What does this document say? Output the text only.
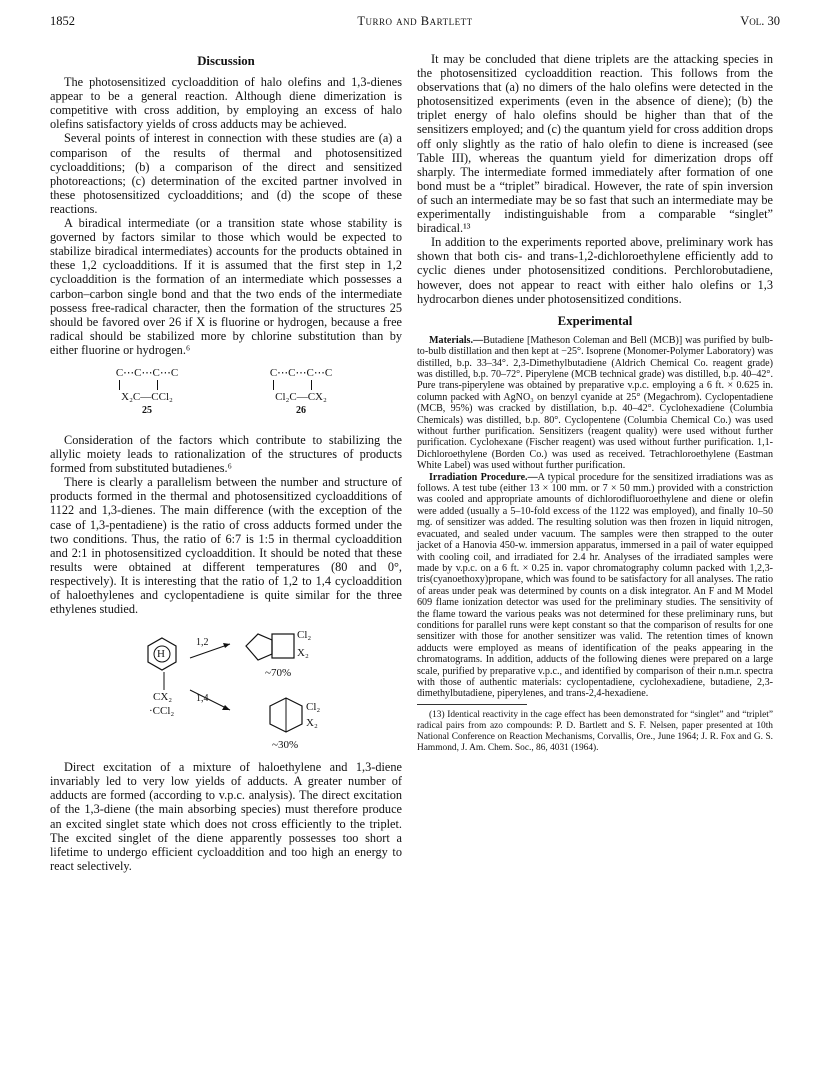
1852	Turro and Bartlett	Vol. 30
Discussion

The photosensitized cycloaddition of halo olefins and 1,3-dienes appear to be a general reaction. Although diene dimerization is competitive with cross addition, by employing an excess of halo olefins satisfactory yields of cross adducts may be achieved.

Several points of interest in connection with these studies are (a) a comparison of the results of thermal and photosensitized cycloadditions; (b) a comparison of the direct and sensitized photoreactions; (c) determination of the excited partner involved in these photosensitized cycloadditions; and (d) the scope of these reactions.

A biradical intermediate (or a transition state whose stability is governed by factors similar to those which would be expected to stabilize biradical intermediates) accounts for the products obtained in these 1,2 cycloadditions. If it is assumed that the first step in 1,2 cycloaddition is the formation of an intermediate which possesses a carbon–carbon single bond and that the two ends of the intermediate possess free-radical character, then the formation of the structures 25 should be favored over 26 if X is fluorine or hydrogen, because a free radical should be stabilized more by chlorine substitution than by either fluorine or hydrogen.⁶

C⋯C⋯C⋯C
X₂C—CCl₂
25
C⋯C⋯C⋯C
Cl₂C—CX₂
26

Consideration of the factors which contribute to stabilizing the allylic moiety leads to rationalization of the structures of products formed from substituted butadienes.⁶

There is clearly a parallelism between the number and structure of products formed in the thermal and photosensitized cycloadditions of 1122 and 1,3-dienes. The main difference (with the exception of the case of 1,3-pentadiene) is the ratio of cross adducts formed under the two conditions. Thus, the ratio of 6:7 is 1:5 in thermal cycloaddition and 2:1 in photosensitized cycloaddition. It should be noted that these results were obtained at different temperatures (80 and 0°, respectively). It is interesting that the ratio of 1,2 to 1,4 cycloaddition of haloethylenes and cyclopentadiene is quite similar for the three ethylenes studied.

H
1,2
1,4
CX₂
·CCl₂
Cl₂
X₂
~70%
Cl₂
X₂
~30%

Direct excitation of a mixture of haloethylene and 1,3-diene invariably led to very low yields of adducts. A greater number of adducts are formed (according to v.p.c. analysis). The direct excitation of the 1,3-diene (the main absorbing species) must therefore produce an excited singlet state which does not cross efficiently to the triplet. The excited singlet of the diene apparently possesses too short a lifetime to undergo efficient cycloaddition and too high an energy to react selectively.

It may be concluded that diene triplets are the attacking species in the photosensitized cycloaddition reaction. This follows from the observations that (a) no dimers of the halo olefins were detected in the photosensitized experiments (even in the absence of diene); (b) the triplet energy of halo olefins should be higher than that of the sensitizers employed; and (c) the quantum yield for cross addition drops off only slightly as the ratio of halo olefin to diene is increased (see Table III), whereas the quantum yield for dimerization drops off sharply. The intermediate formed immediately after formation of one bond must be a “triplet” biradical. However, the rate of spin inversion of such an intermediate may be so fast that such an intermediate may be experimentally indistinguishable from a comparable “singlet” biradical.¹³

In addition to the experiments reported above, preliminary work has shown that both cis- and trans-1,2-dichloroethylene efficiently add to cyclic dienes under photosensitized conditions. Perchlorobutadiene, however, does not appear to react with either halo olefins or 1,3 hydrocarbon dienes under photosensitized conditions.

Experimental

Materials.—Butadiene [Matheson Coleman and Bell (MCB)] was purified by bulb-to-bulb distillation and then kept at −25°. Isoprene (Monomer-Polymer Laboratory) was distilled, b.p. 33–34°. 2,3-Dimethylbutadiene (Aldrich Chemical Co. reagent grade) was distilled, b.p. 70–72°. Piperylene (MCB technical grade) was distilled, b.p. 40–42°. Pure trans-piperylene was obtained by preparative v.p.c. employing a 6 ft. × 0.625 in. column packed with AgNO₃ on benzyl cyanide at 25° (Megachrom). Cyclopentadiene (MCB, 95%) was cracked by distillation, b.p. 40–42°. Cyclohexadiene (Columbia Chemicals) was distilled, b.p. 80°. Cyclopentene (Columbia Chemical Co.) was used without further purification. Sensitizers (reagent quality) were used without further purification. Cyclohexane (Fischer reagent) was used without further purification. 1,1-Dichloroethylene (Borden Co.) was used as received. Tetrachloroethylene (Eastman White Label) was used without further purification.

Irradiation Procedure.—A typical procedure for the sensitized irradiations was as follows. A test tube (either 13 × 100 mm. or 7 × 50 mm.) provided with a constriction was cooled and appropriate amounts of dichlorodifluoroethylene and diene or olefin were added (usually a 5–10-fold excess of the 1122 was employed), and finally 10–50 mg. of sensitizer was added. The resulting solution was then frozen in liquid nitrogen, evacuated, and sealed under vacuum. The samples were then strapped to the outer jacket of a Hanovia 450-w. immersion apparatus, immersed in a pail of water equipped with cooling coil, and irradiated for 2.4 hr. Analyses of the irradiated samples were made by v.p.c. on a 6 ft. × 0.25 in. vapor chromatography column packed with 1,2,3-tris(cyanoethoxy)propane, which was found to be satisfactory for all analyses. The ratio of areas under peak was determined by counts on a disk integrator. An F and M Model 609 flame ionization detector was used for the preliminary studies. The sensitivity of the flame toward the various peaks was not determined for these preliminary runs, but conditions for parallel runs were kept constant so that the comparison of results for one sensitizer with those for another sensitizer was valid. The retention times of known adducts were employed as means of identification of the peaks appearing in the chromatograms. In addition, adducts of the following dienes were prepared on a large scale, purified by preparative v.p.c., and identified by comparison of their n.m.r. spectra with those of authentic materials: cyclopentadiene, cyclohexadiene, butadiene, 2,3-dimethylbutadiene, piperylenes, and trans-2,4-hexadiene.

(13) Identical reactivity in the cage effect has been demonstrated for “singlet” and “triplet” radical pairs from azo compounds: P. D. Bartlett and S. F. Nelsen, paper presented at 10th National Conference on Reaction Mechanisms, Corvallis, Ore., June 1964; J. R. Fox and G. S. Hammond, J. Am. Chem. Soc., 86, 4031 (1964).
